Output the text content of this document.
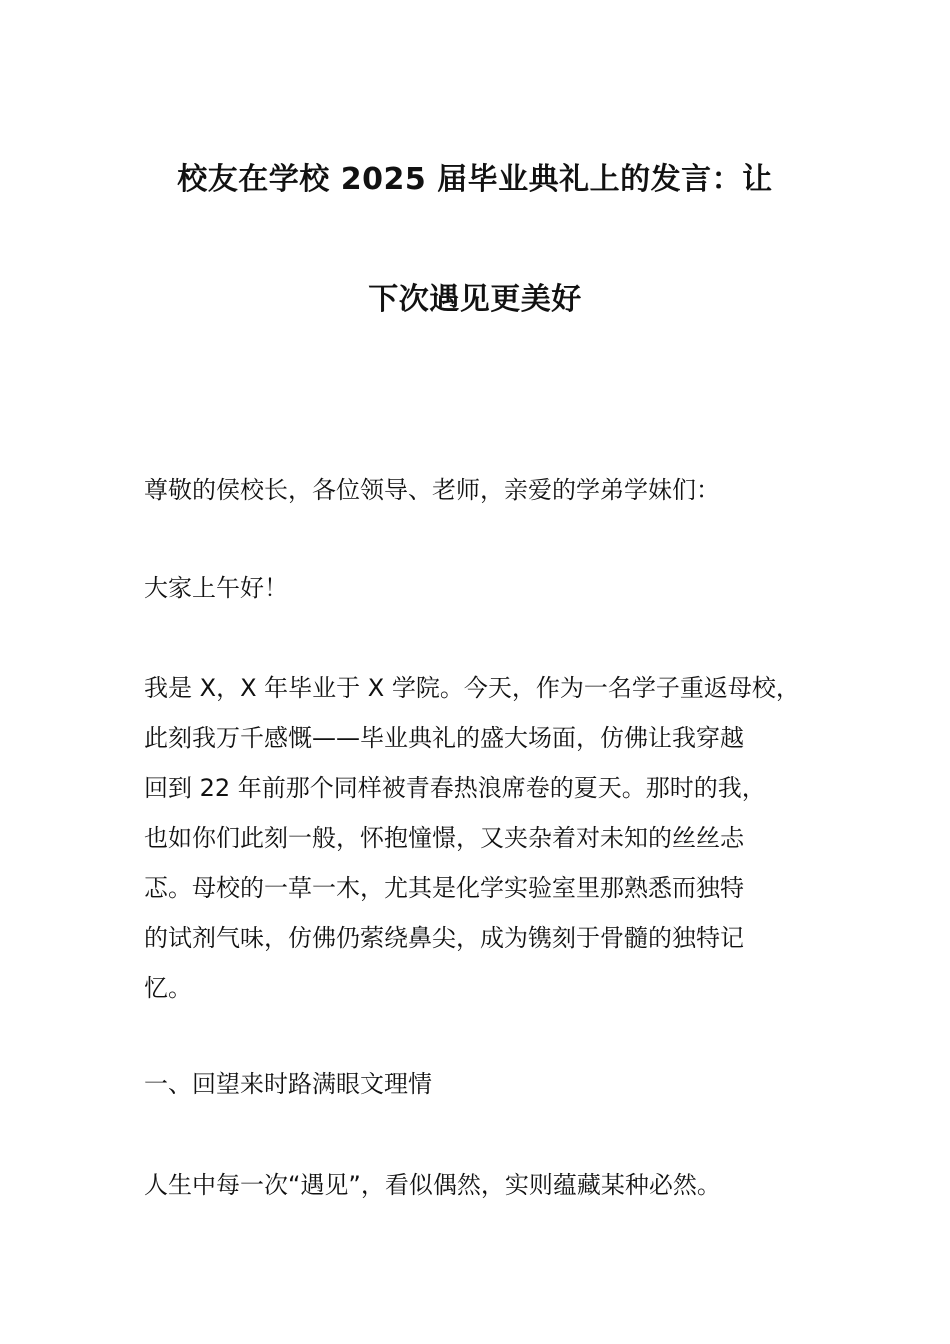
校友在学校 2025 届毕业典礼上的发言：让
下次遇见更美好

尊敬的侯校长，各位领导、老师，亲爱的学弟学妹们：

大家上午好！

我是 X，X 年毕业于 X 学院。今天，作为一名学子重返母校，
此刻我万千感慨——毕业典礼的盛大场面，仿佛让我穿越
回到 22 年前那个同样被青春热浪席卷的夏天。那时的我，
也如你们此刻一般，怀抱憧憬，又夹杂着对未知的丝丝忐
忑。母校的一草一木，尤其是化学实验室里那熟悉而独特
的试剂气味，仿佛仍萦绕鼻尖，成为镌刻于骨髓的独特记
忆。

一、回望来时路满眼文理情

人生中每一次“遇见”，看似偶然，实则蕴藏某种必然。
